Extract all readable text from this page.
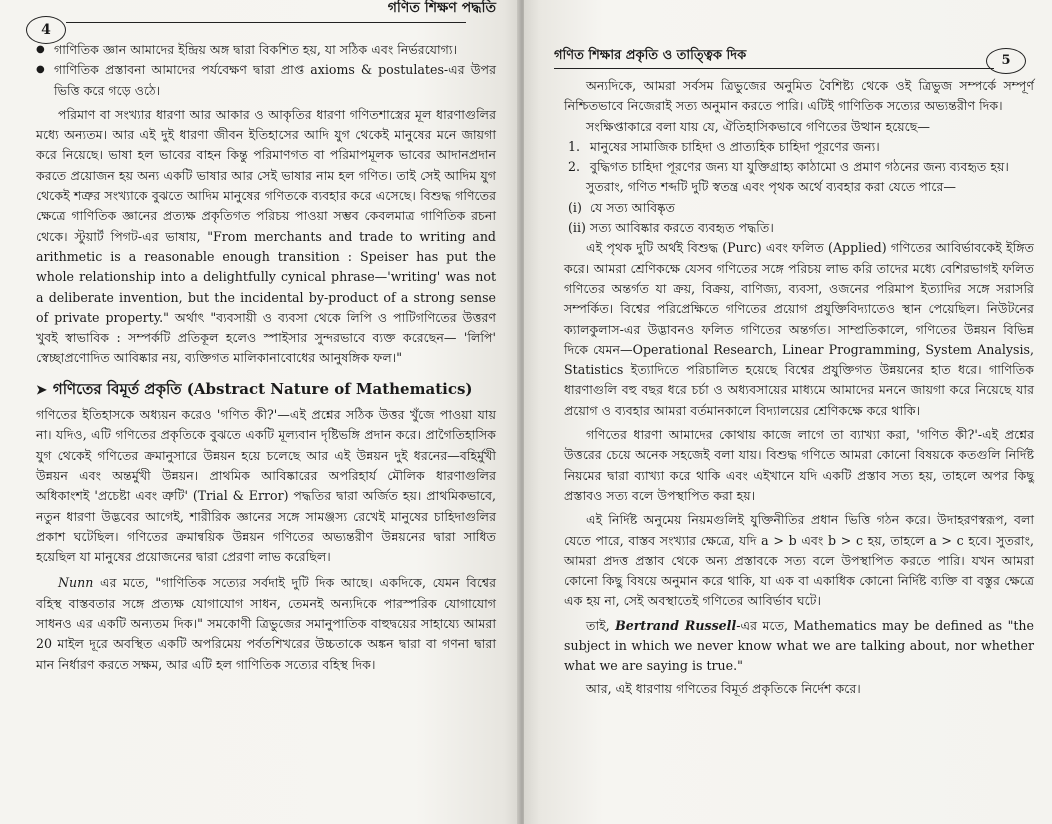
4
গণিত শিক্ষণ পদ্ধতি

● গাণিতিক জ্ঞান আমাদের ইন্দ্রিয় অঙ্গ দ্বারা বিকশিত হয়, যা সঠিক এবং নির্ভরযোগ্য।

● গাণিতিক প্রস্তাবনা আমাদের পর্যবেক্ষণ দ্বারা প্রাপ্ত axioms & postulates-এর উপর ভিত্তি করে গড়ে ওঠে।

পরিমাণ বা সংখ্যার ধারণা আর আকার ও আকৃতির ধারণা গণিতশাস্ত্রের মূল ধারণাগুলির মধ্যে অন্যতম। আর এই দুই ধারণা জীবন ইতিহাসের আদি যুগ থেকেই মানুষের মনে জায়গা করে নিয়েছে। ভাষা হল ভাবের বাহন কিন্তু পরিমাণগত বা পরিমাপমূলক ভাবের আদানপ্রদান করতে প্রয়োজন হয় অন্য একটি ভাষার আর সেই ভাষার নাম হল গণিত। তাই সেই আদিম যুগ থেকেই শত্রুর সংখ্যাকে বুঝতে আদিম মানুষের গণিতকে ব্যবহার করে এসেছে। বিশুদ্ধ গণিতের ক্ষেত্রে গাণিতিক জ্ঞানের প্রত্যক্ষ প্রকৃতিগত পরিচয় পাওয়া সম্ভব কেবলমাত্র গাণিতিক রচনা থেকে। স্টুয়ার্ট পিগট-এর ভাষায়, "From merchants and trade to writing and arithmetic is a reasonable enough transition : Speiser has put the whole relationship into a delightfully cynical phrase—'writing' was not a deliberate invention, but the incidental by-product of a strong sense of private property." অর্থাৎ "ব্যবসায়ী ও ব্যবসা থেকে লিপি ও পাটিগণিতের উত্তরণ খুবই স্বাভাবিক : সম্পর্কটি প্রতিকূল হলেও স্পাইসার সুন্দরভাবে ব্যক্ত করেছেন— 'লিপি' স্বেচ্ছাপ্রণোদিত আবিষ্কার নয়, ব্যক্তিগত মালিকানাবোধের আনুষঙ্গিক ফল।"

➤ গণিতের বিমূর্ত প্রকৃতি (Abstract Nature of Mathematics)

গণিতের ইতিহাসকে অধ্যয়ন করেও 'গণিত কী?'—এই প্রশ্নের সঠিক উত্তর খুঁজে পাওয়া যায় না। যদিও, এটি গণিতের প্রকৃতিকে বুঝতে একটি মূল্যবান দৃষ্টিভঙ্গি প্রদান করে। প্রাগৈতিহাসিক যুগ থেকেই গণিতের ক্রমানুসারে উন্নয়ন হয়ে চলেছে আর এই উন্নয়ন দুই ধরনের—বহির্মুখী উন্নয়ন এবং অন্তর্মুখী উন্নয়ন। প্রাথমিক আবিষ্কারের অপরিহার্য মৌলিক ধারণাগুলির অধিকাংশই 'প্রচেষ্টা এবং ত্রুটি' (Trial & Error) পদ্ধতির দ্বারা অর্জিত হয়। প্রাথমিকভাবে, নতুন ধারণা উদ্ভবের আগেই, শারীরিক জ্ঞানের সঙ্গে সামঞ্জস্য রেখেই মানুষের চাহিদাগুলির প্রকাশ ঘটেছিল। গণিতের ক্রমান্বয়িক উন্নয়ন গণিতের অভ্যন্তরীণ উন্নয়নের দ্বারা সাধিত হয়েছিল যা মানুষের প্রয়োজনের দ্বারা প্রেরণা লাভ করেছিল।

Nunn এর মতে, "গাণিতিক সত্যের সর্বদাই দুটি দিক আছে। একদিকে, যেমন বিশ্বের বহিস্থ বাস্তবতার সঙ্গে প্রত্যক্ষ যোগাযোগ সাধন, তেমনই অন্যদিকে পারস্পরিক যোগাযোগ সাধনও এর একটি অন্যতম দিক।" সমকোণী ত্রিভুজের সমানুপাতিক বাহুদ্বয়ের সাহায্যে আমরা 20 মাইল দূরে অবস্থিত একটি অপরিমেয় পর্বতশিখরের উচ্চতাকে অঙ্কন দ্বারা বা গণনা দ্বারা মান নির্ধারণ করতে সক্ষম, আর এটি হল গাণিতিক সত্যের বহিস্থ দিক।

গণিত শিক্ষার প্রকৃতি ও তাত্ত্বিক দিক	5

অন্যদিকে, আমরা সর্বসম ত্রিভুজের অনুমিত বৈশিষ্ট্য থেকে ওই ত্রিভুজ সম্পর্কে সম্পূর্ণ নিশ্চিতভাবে নিজেরাই সত্য অনুমান করতে পারি। এটিই গাণিতিক সত্যের অভ্যন্তরীণ দিক।

সংক্ষিপ্তাকারে বলা যায় যে, ঐতিহাসিকভাবে গণিতের উত্থান হয়েছে—

1. মানুষের সামাজিক চাহিদা ও প্রাত্যহিক চাহিদা পূরণের জন্য।
2. বুদ্ধিগত চাহিদা পূরণের জন্য যা যুক্তিগ্রাহ্য কাঠামো ও প্রমাণ গঠনের জন্য ব্যবহৃত হয়।

সুতরাং, গণিত শব্দটি দুটি স্বতন্ত্র এবং পৃথক অর্থে ব্যবহার করা যেতে পারে—

(i) যে সত্য আবিষ্কৃত
(ii) সত্য আবিষ্কার করতে ব্যবহৃত পদ্ধতি।

এই পৃথক দুটি অর্থই বিশুদ্ধ (Purc) এবং ফলিত (Applied) গণিতের আবির্ভাবকেই ইঙ্গিত করে। আমরা শ্রেণিকক্ষে যেসব গণিতের সঙ্গে পরিচয় লাভ করি তাদের মধ্যে বেশিরভাগই ফলিত গণিতের অন্তর্গত যা ক্রয়, বিক্রয়, বাণিজ্য, ব্যবসা, ওজনের পরিমাপ ইত্যাদির সঙ্গে সরাসরি সম্পর্কিত। বিশ্বের পরিপ্রেক্ষিতে গণিতের প্রয়োগ প্রযুক্তিবিদ্যাতেও স্থান পেয়েছিল। নিউটনের ক্যালকুলাস-এর উদ্ভাবনও ফলিত গণিতের অন্তর্গত। সাম্প্রতিকালে, গণিতের উন্নয়ন বিভিন্ন দিকে যেমন—Operational Research, Linear Programming, System Analysis, Statistics ইত্যাদিতে পরিচালিত হয়েছে বিশ্বের প্রযুক্তিগত উন্নয়নের হাত ধরে। গাণিতিক ধারণাগুলি বহু বছর ধরে চর্চা ও অধ্যবসায়ের মাধ্যমে আমাদের মননে জায়গা করে নিয়েছে যার প্রয়োগ ও ব্যবহার আমরা বর্তমানকালে বিদ্যালয়ের শ্রেণিকক্ষে করে থাকি।

গণিতের ধারণা আমাদের কোথায় কাজে লাগে তা ব্যাখ্যা করা, 'গণিত কী?'-এই প্রশ্নের উত্তরের চেয়ে অনেক সহজেই বলা যায়। বিশুদ্ধ গণিতে আমরা কোনো বিষয়কে কতগুলি নির্দিষ্ট নিয়মের দ্বারা ব্যাখ্যা করে থাকি এবং এইখানে যদি একটি প্রস্তাব সত্য হয়, তাহলে অপর কিছু প্রস্তাবও সত্য বলে উপস্থাপিত করা হয়।

এই নির্দিষ্ট অনুমেয় নিয়মগুলিই যুক্তিনীতির প্রধান ভিত্তি গঠন করে। উদাহরণস্বরূপ, বলা যেতে পারে, বাস্তব সংখ্যার ক্ষেত্রে, যদি a > b এবং b > c হয়, তাহলে a > c হবে। সুতরাং, আমরা প্রদত্ত প্রস্তাব থেকে অন্য প্রস্তাবকে সত্য বলে উপস্থাপিত করতে পারি। যখন আমরা কোনো কিছু বিষয়ে অনুমান করে থাকি, যা এক বা একাধিক কোনো নির্দিষ্ট ব্যক্তি বা বস্তুর ক্ষেত্রে এক হয় না, সেই অবস্থাতেই গণিতের আবির্ভাব ঘটে।

তাই, Bertrand Russell-এর মতে, Mathematics may be defined as "the subject in which we never know what we are talking about, nor whether what we are saying is true."

আর, এই ধারণায় গণিতের বিমূর্ত প্রকৃতিকে নির্দেশ করে।
